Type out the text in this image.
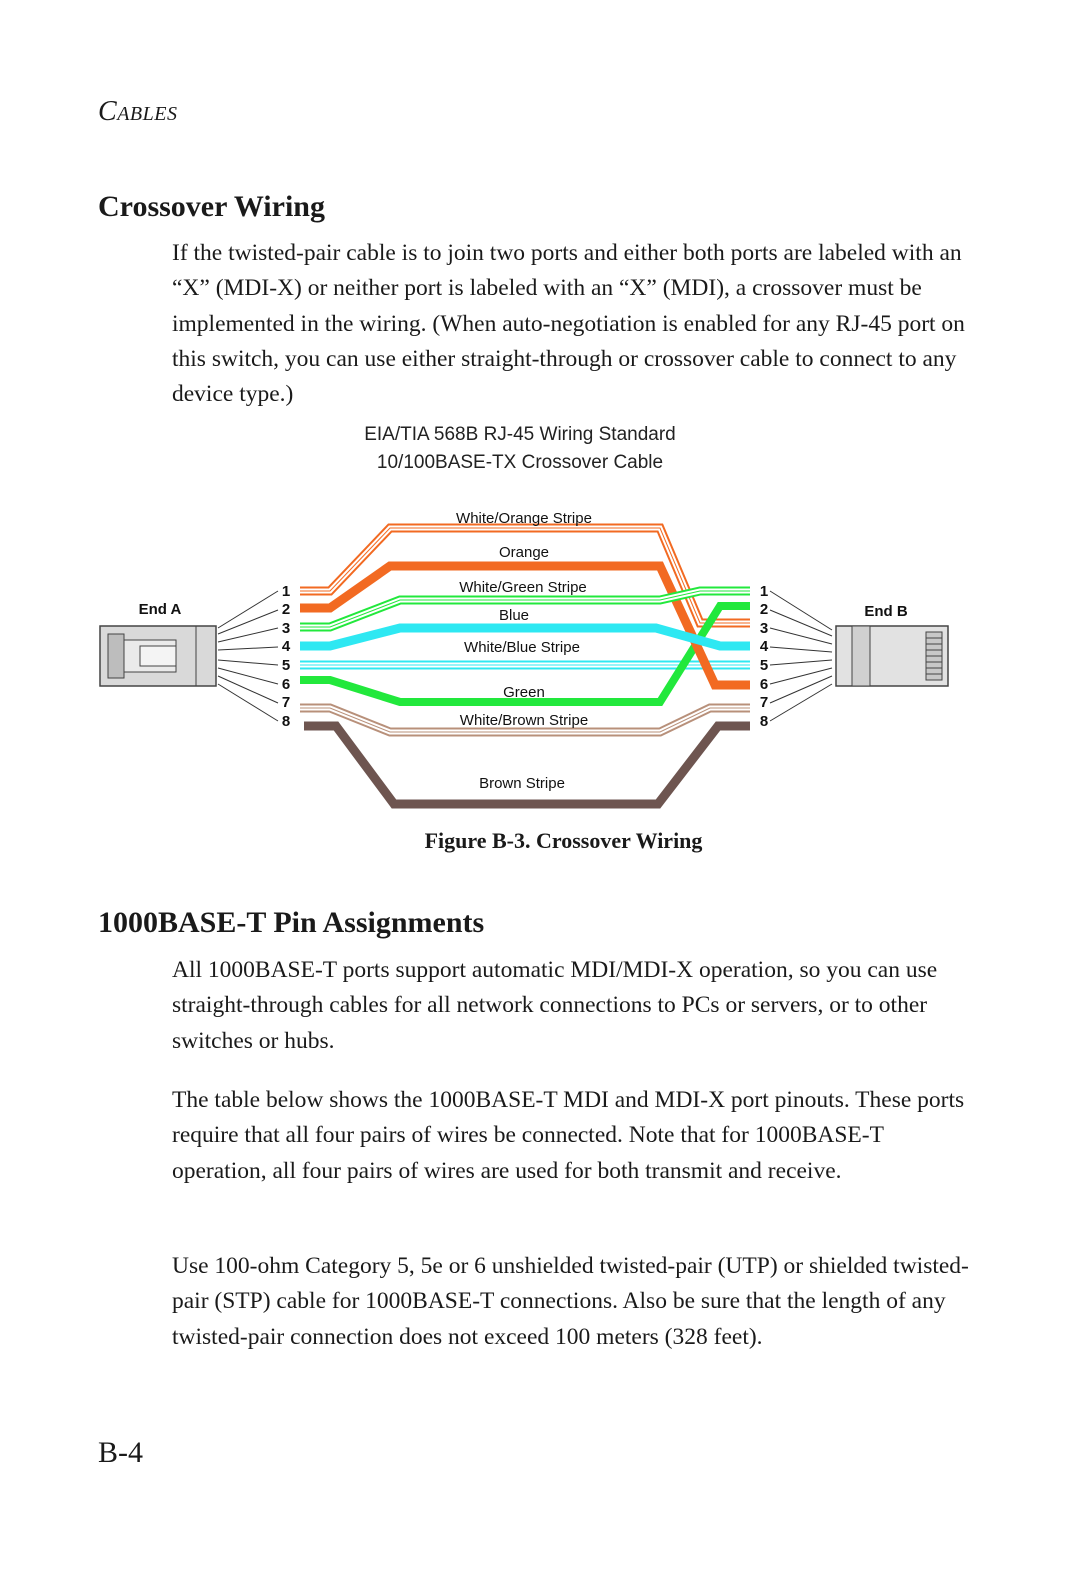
CABLES
Crossover Wiring

If the twisted-pair cable is to join two ports and either both ports are labeled with an “X” (MDI-X) or neither port is labeled with an “X” (MDI), a crossover must be implemented in the wiring. (When auto-negotiation is enabled for any RJ-45 port on this switch, you can use either straight-through or crossover cable to connect to any device type.)

EIA/TIA 568B RJ-45 Wiring Standard
10/100BASE-TX Crossover Cable
End A	End B
1
2
3
4
5
6
7
8
1
2
3
4
5
6
7
8
White/Orange Stripe
Orange
White/Green Stripe
Blue
White/Blue Stripe
Green
White/Brown Stripe
Brown Stripe
Figure B-3. Crossover Wiring
1000BASE-T Pin Assignments

All 1000BASE-T ports support automatic MDI/MDI-X operation, so you can use straight-through cables for all network connections to PCs or servers, or to other switches or hubs.

The table below shows the 1000BASE-T MDI and MDI-X port pinouts. These ports require that all four pairs of wires be connected. Note that for 1000BASE-T operation, all four pairs of wires are used for both transmit and receive.

Use 100-ohm Category 5, 5e or 6 unshielded twisted-pair (UTP) or shielded twisted-pair (STP) cable for 1000BASE-T connections. Also be sure that the length of any twisted-pair connection does not exceed 100 meters (328 feet).

B-4
